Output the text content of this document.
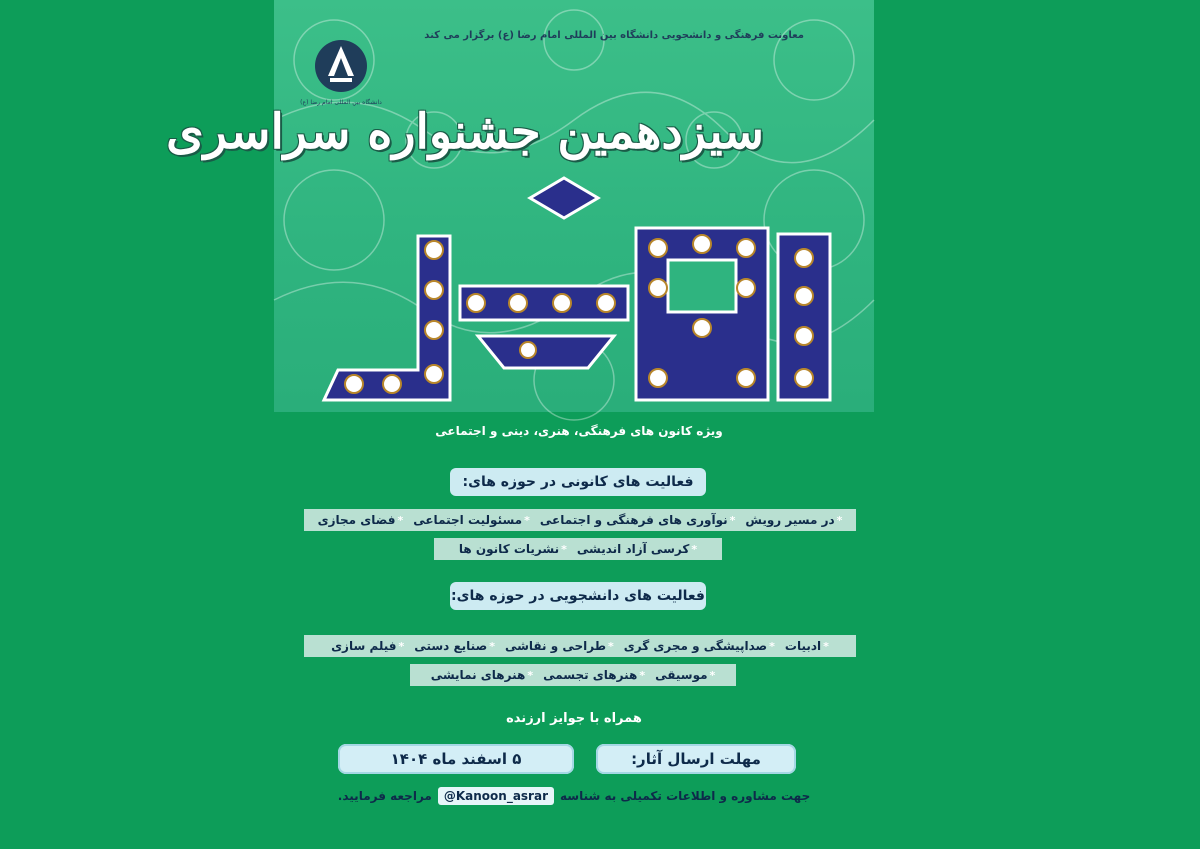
معاونت فرهنگی و دانشجویی دانشگاه بین المللی امام رضا (ع) برگزار می کند
دانشگاه بین المللی امام رضا (ع)
سیزدهمین جشنواره سراسری
ویژه کانون های فرهنگی، هنری، دینی و اجتماعی
فعالیت های کانونی در حوزه های:
*
در مسیر رویش
*
نوآوری های فرهنگی و اجتماعی
*
مسئولیت اجتماعی
*
فضای مجازی
*
کرسی آزاد اندیشی
*
نشریات کانون ها
فعالیت های دانشجویی در حوزه های:
*
ادبیات
*
صداپیشگی و مجری گری
*
طراحی و نقاشی
*
صنایع دستی
*
فیلم سازی
*
موسیقی
*
هنرهای تجسمی
*
هنرهای نمایشی
همراه با جوایز ارزنده
مهلت ارسال آثار:
۵ اسفند ماه ۱۴۰۴
جهت مشاوره و اطلاعات تکمیلی به شناسه
@Kanoon_asrar
مراجعه فرمایید.
